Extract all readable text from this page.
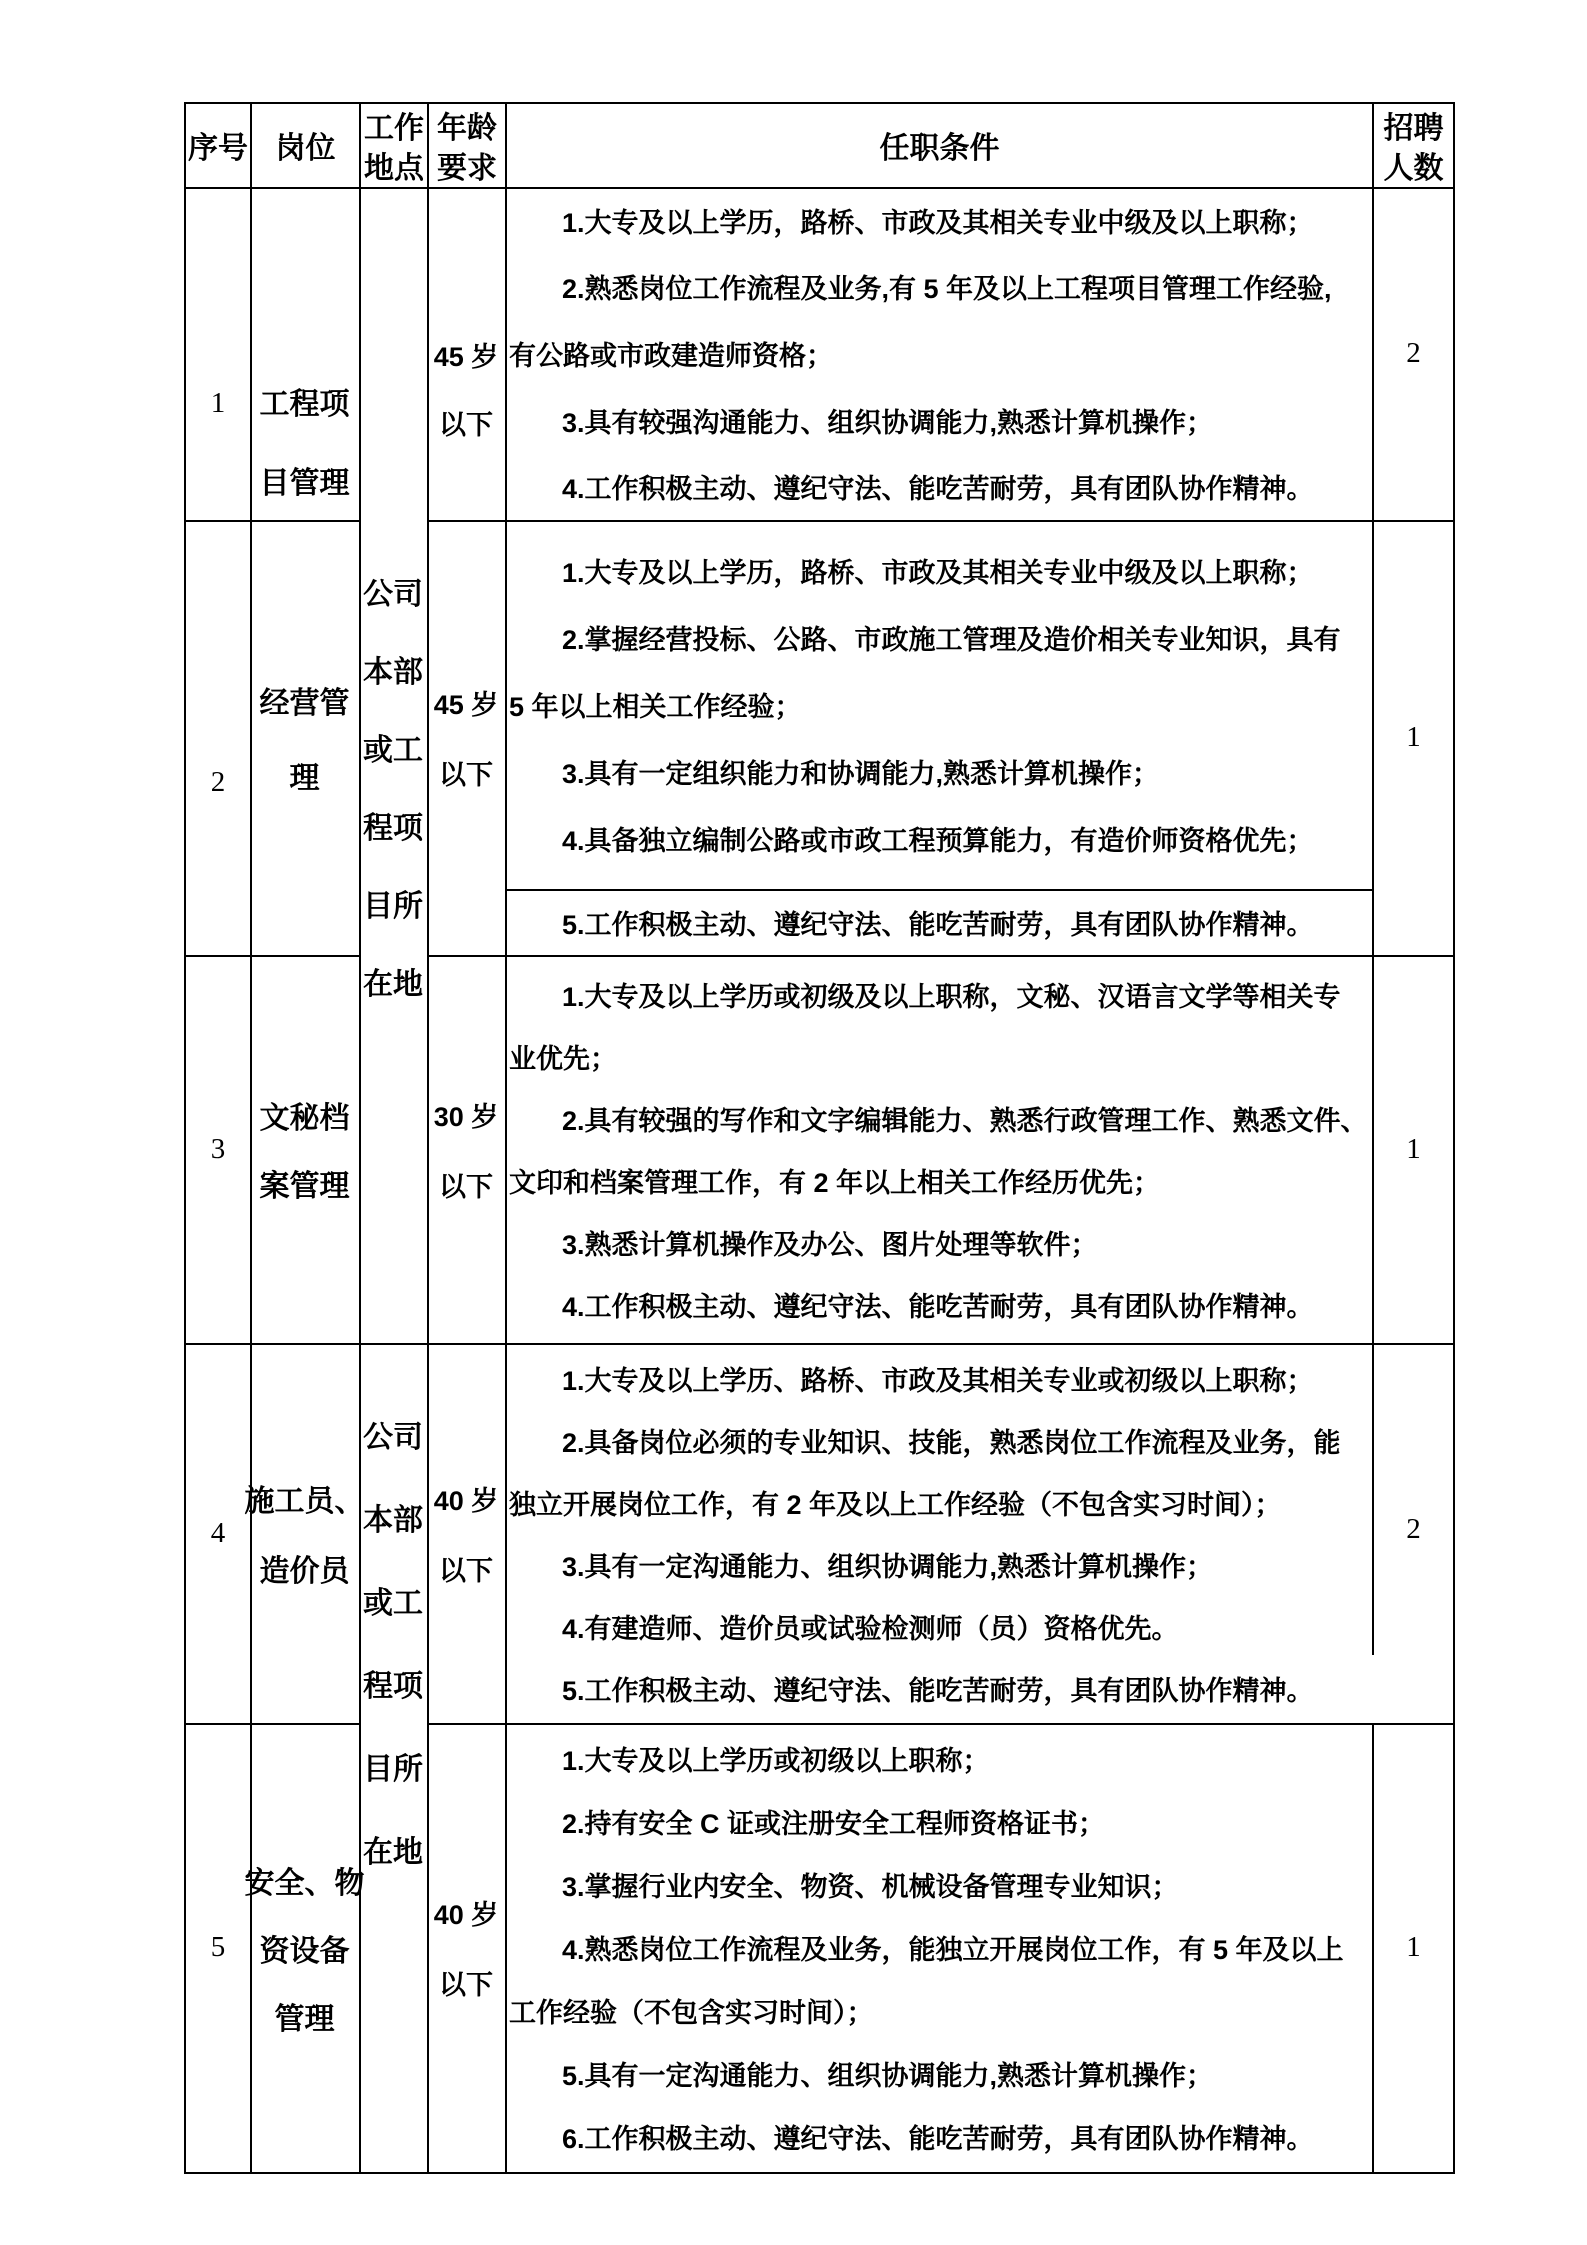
序号 岗位
工作
地点
年龄
要求
任职条件
招聘
人数
公司
本部
或工
程项
目所
在地
公司
本部
或工
程项
目所
在地
1 工程项
目管理
45 岁
以下
1.大专及以上学历，路桥、市政及其相关专业中级及以上职称；
2.熟悉岗位工作流程及业务,有 5 年及以上工程项目管理工作经验,
有公路或市政建造师资格；
3.具有较强沟通能力、组织协调能力,熟悉计算机操作；
4.工作积极主动、遵纪守法、能吃苦耐劳，具有团队协作精神。
2
2
经营管
理
45 岁
以下
1.大专及以上学历，路桥、市政及其相关专业中级及以上职称；
2.掌握经营投标、公路、市政施工管理及造价相关专业知识，具有
5 年以上相关工作经验；
3.具有一定组织能力和协调能力,熟悉计算机操作；
4.具备独立编制公路或市政工程预算能力，有造价师资格优先；
5.工作积极主动、遵纪守法、能吃苦耐劳，具有团队协作精神。
1
3
文秘档
案管理
30 岁
以下
1.大专及以上学历或初级及以上职称，文秘、汉语言文学等相关专
业优先；
2.具有较强的写作和文字编辑能力、熟悉行政管理工作、熟悉文件、
文印和档案管理工作，有 2 年以上相关工作经历优先；
3.熟悉计算机操作及办公、图片处理等软件；
4.工作积极主动、遵纪守法、能吃苦耐劳，具有团队协作精神。
1
4
施工员、
造价员
40 岁
以下
1.大专及以上学历、路桥、市政及其相关专业或初级以上职称；
2.具备岗位必须的专业知识、技能，熟悉岗位工作流程及业务，能
独立开展岗位工作，有 2 年及以上工作经验（不包含实习时间）；
3.具有一定沟通能力、组织协调能力,熟悉计算机操作；
4.有建造师、造价员或试验检测师（员）资格优先。
5.工作积极主动、遵纪守法、能吃苦耐劳，具有团队协作精神。
2
5
安全、物
资设备
管理
40 岁
以下
1.大专及以上学历或初级以上职称；
2.持有安全 C 证或注册安全工程师资格证书；
3.掌握行业内安全、物资、机械设备管理专业知识；
4.熟悉岗位工作流程及业务，能独立开展岗位工作，有 5 年及以上
工作经验（不包含实习时间）；
5.具有一定沟通能力、组织协调能力,熟悉计算机操作；
6.工作积极主动、遵纪守法、能吃苦耐劳，具有团队协作精神。
1
